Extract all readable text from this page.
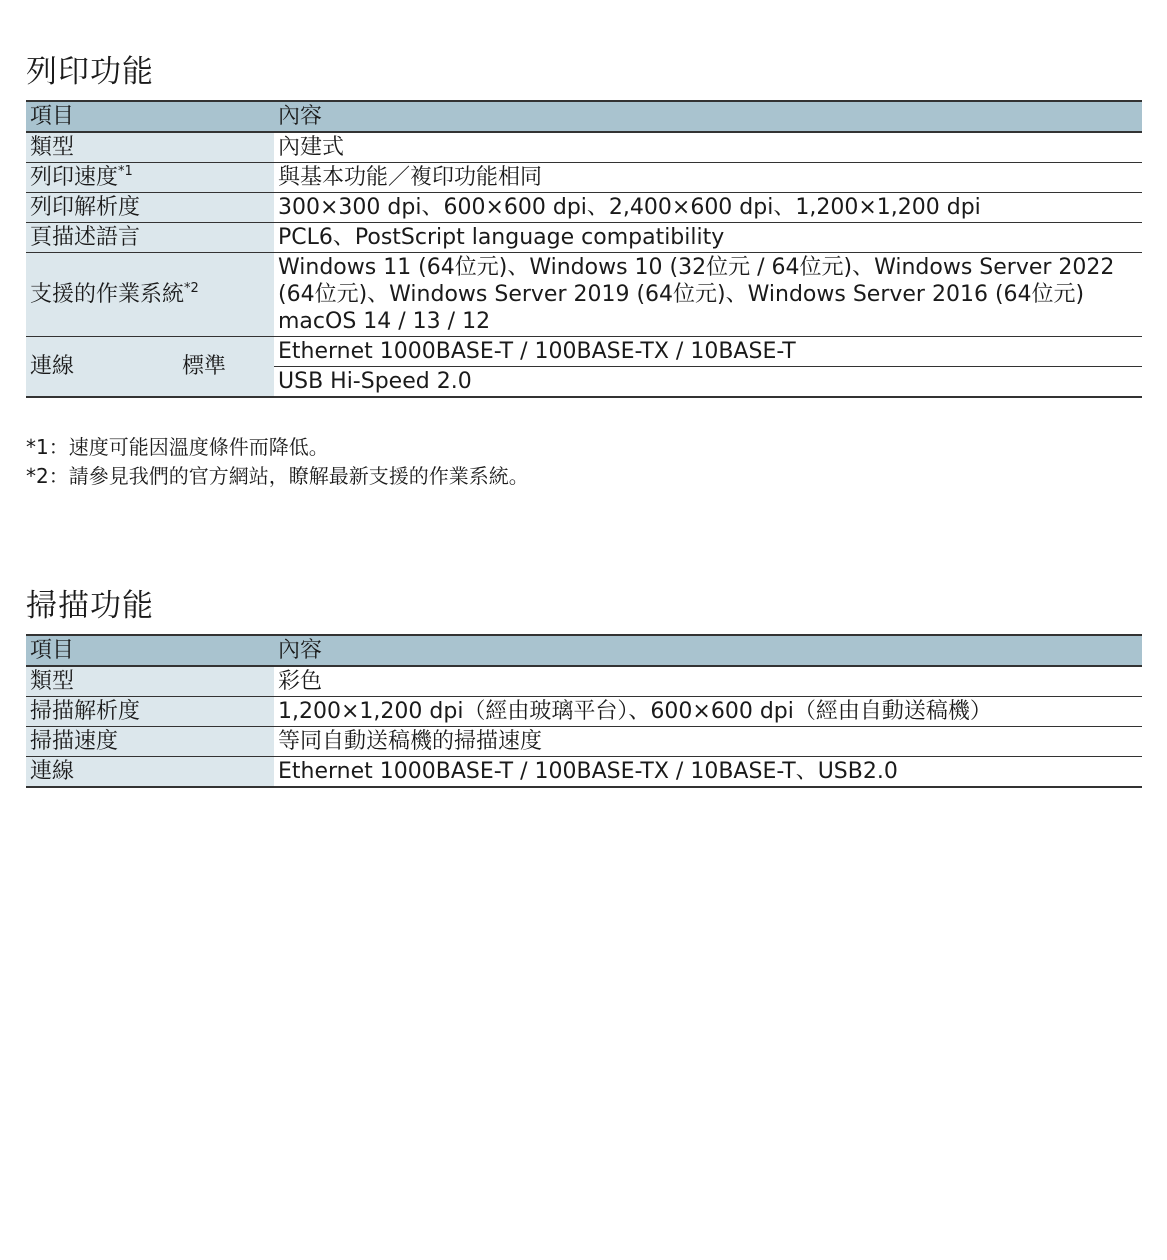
列印功能
項目	內容
類型	內建式
列印速度$^{*1}$	與基本功能／複印功能相同
列印解析度	300×300 dpi、600×600 dpi、2,400×600 dpi、1,200×1,200 dpi
頁描述語言	PCL6、PostScript language compatibility
支援的作業系統$^{*2}$	Windows 11 (64位元)、Windows 10 (32位元 / 64位元)、Windows Server 2022 (64位元)、Windows Server 2019 (64位元)、Windows Server 2016 (64位元)
macOS 14 / 13 / 12

連線 標準	Ethernet 1000BASE-T / 100BASE-TX / 10BASE-T
	USB Hi-Speed 2.0
*1：速度可能因溫度條件而降低。
*2：請參見我們的官方網站，瞭解最新支援的作業系統。
掃描功能
項目	內容
類型	彩色
掃描解析度	1,200×1,200 dpi（經由玻璃平台）、600×600 dpi（經由自動送稿機）
掃描速度	等同自動送稿機的掃描速度
連線	Ethernet 1000BASE-T / 100BASE-TX / 10BASE-T、USB2.0
